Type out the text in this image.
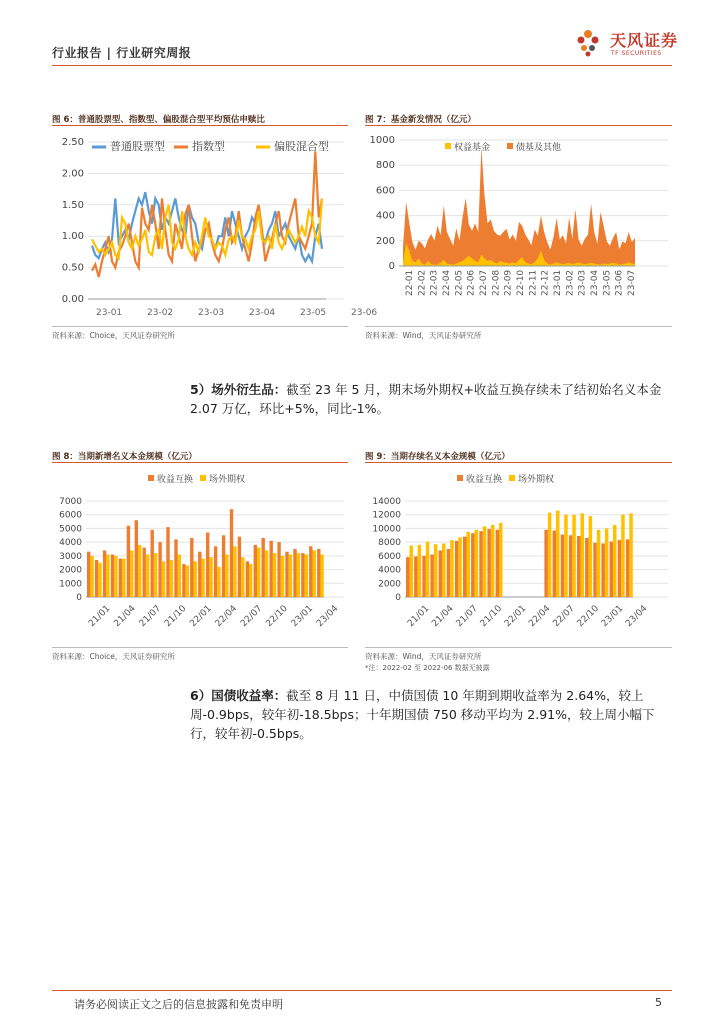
行业报告 | 行业研究周报
天风证券
TF SECURITIES
图 6：普通股票型、指数型、偏股混合型平均预估申赎比
0.00
0.50
1.00
1.50
2.00
2.50
23-01	23-02	23-03	23-04	23-05	23-06
普通股票型 指数型	偏股混合型
资料来源：Choice，天风证券研究所
图 7：基金新发情况（亿元）
0
200
400
600
800
1000
22-01 22-02 22-03 22-04 22-05 22-06 22-07 22-08 22-09 22-10 22-11 22-12 23-01 23-02 23-03 23-04 23-05 23-06 23-07
权益基金	债基及其他
资料来源：Wind，天风证券研究所
5）场外衍生品：截至 23 年 5 月，期末场外期权+收益互换存续未了结初始名义本金 2.07 万亿，环比+5%，同比-1%。
图 8：当期新增名义本金规模（亿元）
0
1000
2000
3000
4000
5000
6000
7000
21/01 21/04 21/07 21/10 22/01 22/04 22/07 22/10 23/01 23/04
收益互换 场外期权
资料来源：Choice，天风证券研究所
图 9：当期存续名义本金规模（亿元）
0
2000
4000
6000
8000
10000
12000
14000
21/01
21/04
21/07
21/10
22/01
22/04
22/07
22/10
23/01
23/04
收益互换 场外期权
资料来源：Wind，天风证券研究所
*注：2022-02 至 2022-06 数据无披露
6）国债收益率：截至 8 月 11 日，中债国债 10 年期到期收益率为 2.64%，较上周-0.9bps，较年初-18.5bps；十年期国债 750 移动平均为 2.91%，较上周小幅下行，较年初-0.5bps。
请务必阅读正文之后的信息披露和免责申明	5
